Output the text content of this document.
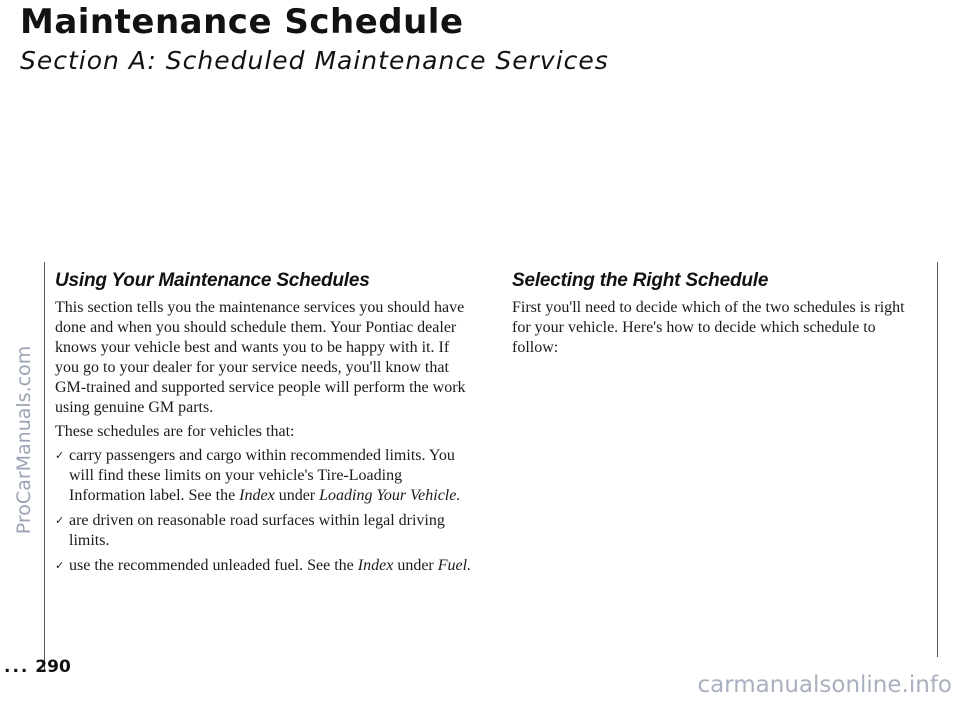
Maintenance Schedule
Section A: Scheduled Maintenance Services
Using Your Maintenance Schedules

This section tells you the maintenance services you should have done and when you should schedule them. Your Pontiac dealer knows your vehicle best and wants you to be happy with it. If you go to your dealer for your service needs, you'll know that GM-trained and supported service people will perform the work using genuine GM parts.

These schedules are for vehicles that:

✓ carry passengers and cargo within recommended limits. You will find these limits on your vehicle's Tire-Loading Information label. See the Index under Loading Your Vehicle.
✓ are driven on reasonable road surfaces within legal driving limits.
✓ use the recommended unleaded fuel. See the Index under Fuel.
Selecting the Right Schedule

First you'll need to decide which of the two schedules is right for your vehicle. Here's how to decide which schedule to follow:

... 290
ProCarManuals.com
carmanualsonline.info
